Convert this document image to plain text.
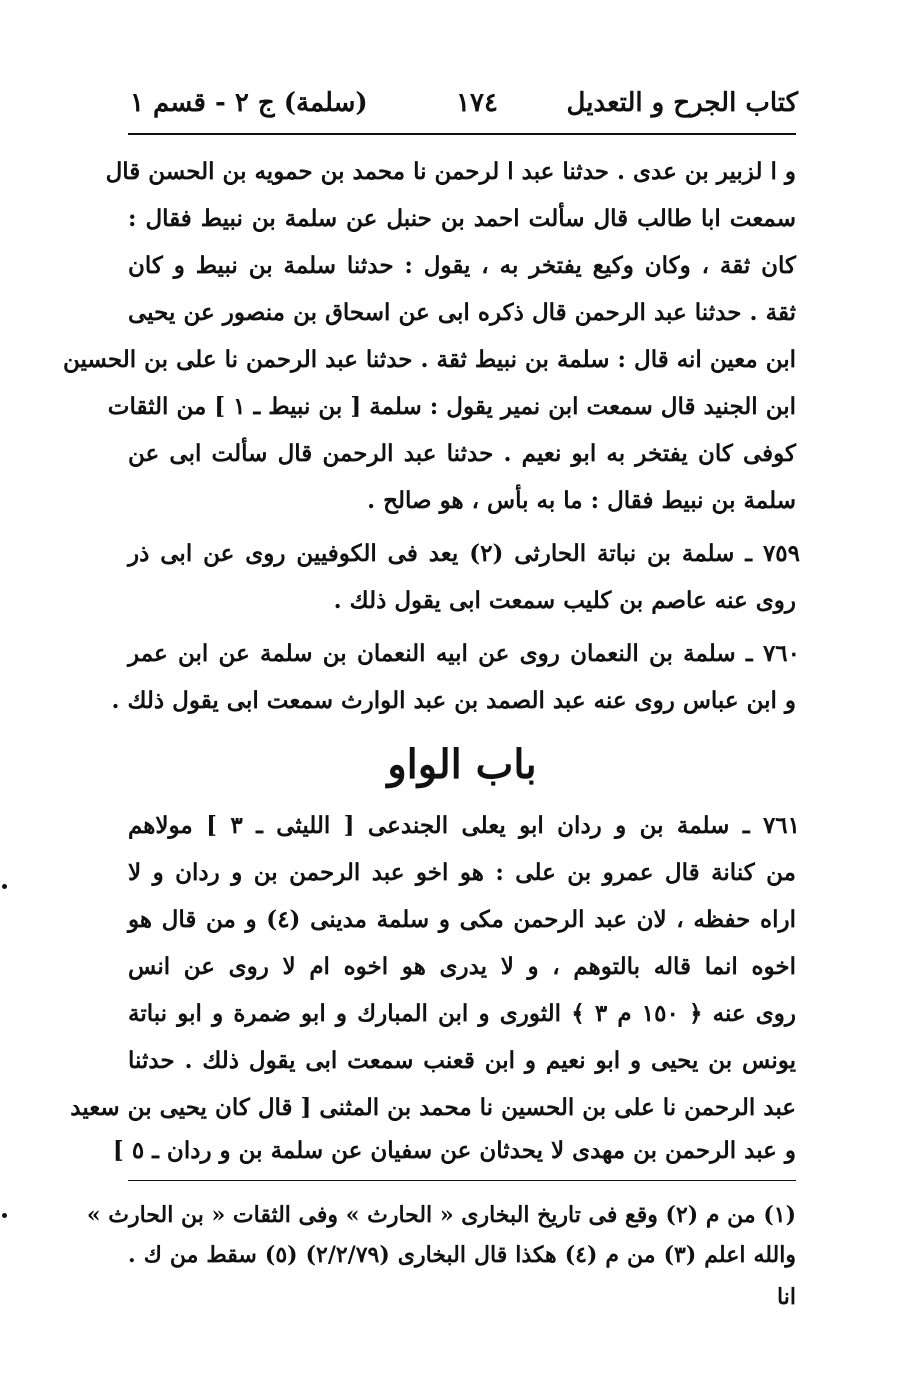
كتاب الجرح و التعديل
١٧٤
(سلمة) ج ٢ - قسم ١
و ا لزبير بن عدى . حدثنا عبد ا لرحمن نا محمد بن حمويه بن الحسن قال
سمعت ابا طالب قال سألت احمد بن حنبل عن سلمة بن نبيط فقال :
كان ثقة ، وكان وكيع يفتخر به ، يقول : حدثنا سلمة بن نبيط و كان
ثقة . حدثنا عبد الرحمن قال ذكره ابى عن اسحاق بن منصور عن يحيى
ابن معين انه قال : سلمة بن نبيط ثقة . حدثنا عبد الرحمن نا على بن الحسين
ابن الجنيد قال سمعت ابن نمير يقول : سلمة [ بن نبيط ـ ١ ] من الثقات
كوفى كان يفتخر به ابو نعيم . حدثنا عبد الرحمن قال سألت ابى عن
سلمة بن نبيط فقال : ما به بأس ، هو صالح .
٧٥٩ ـ سلمة بن نباتة الحارثى (٢) يعد فى الكوفيين روى عن ابى ذر
روى عنه عاصم بن كليب سمعت ابى يقول ذلك .
٧٦٠ ـ سلمة بن النعمان روى عن ابيه النعمان بن سلمة عن ابن عمر
و ابن عباس روى عنه عبد الصمد بن عبد الوارث سمعت ابى يقول ذلك .
باب الواو
٧٦١ ـ سلمة بن و ردان ابو يعلى الجندعى [ الليثى ـ ٣ ] مولاهم
من كنانة قال عمرو بن على : هو اخو عبد الرحمن بن و ردان و لا
اراه حفظه ، لان عبد الرحمن مكى و سلمة مدينى (٤) و من قال هو
اخوه انما قاله بالتوهم ، و لا يدرى هو اخوه ام لا روى عن انس
روى عنه ﴿ ١٥٠ م ٣ ﴾ الثورى و ابن المبارك و ابو ضمرة و ابو نباتة
يونس بن يحيى و ابو نعيم و ابن قعنب سمعت ابى يقول ذلك . حدثنا
عبد الرحمن نا على بن الحسين نا محمد بن المثنى [ قال كان يحيى بن سعيد
و عبد الرحمن بن مهدى لا يحدثان عن سفيان عن سلمة بن و ردان ـ ٥ ]
(١) من م (٢) وقع فى تاريخ البخارى « الحارث » وفى الثقات « بن الحارث »
والله اعلم (٣) من م (٤) هكذا قال البخارى (٢/٢/٧٩) (٥) سقط من ك .
انا
